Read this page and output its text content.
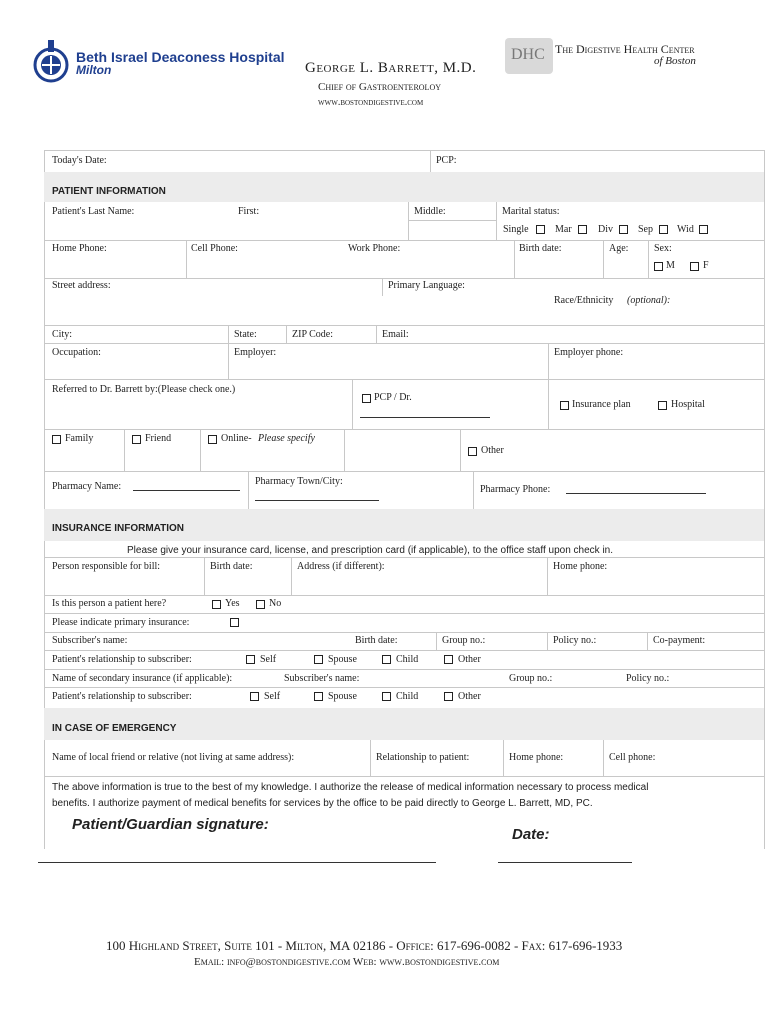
Beth Israel Deaconess Hospital
Milton	George L. Barrett, M.D.
Chief of Gastroenteroloy
www.bostondigestive.com
DHC The Digestive Health Center
of Boston
Today's Date:	PCP:
PATIENT INFORMATION
Patient's Last Name:	First:	Middle:	Marital status:
Single	Mar	Div	Sep Wid
Home Phone:	Cell Phone:	Work Phone:	Birth date:	Age:	Sex:
M	F
Street address:	Primary Language:
Race/Ethnicity (optional):
City:	State:	ZIP Code:	Email:
Occupation:	Employer:	Employer phone:
Referred to Dr. Barrett by:(Please check one.)
PCP / Dr.
Insurance plan	Hospital
Family	Friend	Online- Please specify
Other
Pharmacy Name:	Pharmacy Town/City:
Pharmacy Phone:
INSURANCE INFORMATION
Please give your insurance card, license, and prescription card (if applicable), to the office staff upon check in.
Person responsible for bill:	Birth date:	Address (if different):	Home phone:
Is this person a patient here?	Yes	No
Please indicate primary insurance:
Subscriber's name:	Birth date:	Group no.:	Policy no.:	Co-payment:
Patient's relationship to subscriber:	Self	Spouse	Child	Other
Name of secondary insurance (if applicable):	Subscriber's name:	Group no.:	Policy no.:
Patient's relationship to subscriber:	Self	Spouse	Child	Other
IN CASE OF EMERGENCY
Name of local friend or relative (not living at same address):	Relationship to patient:	Home phone:	Cell phone:
The above information is true to the best of my knowledge. I authorize the release of medical information necessary to process medical
benefits. I authorize payment of medical benefits for services by the office to be paid directly to George L. Barrett, MD, PC.
Patient/Guardian signature:
Date:
100 Highland Street, Suite 101 - Milton, MA 02186 - Office: 617-696-0082 - Fax: 617-696-1933
Email: info@bostondigestive.com Web: www.bostondigestive.com
